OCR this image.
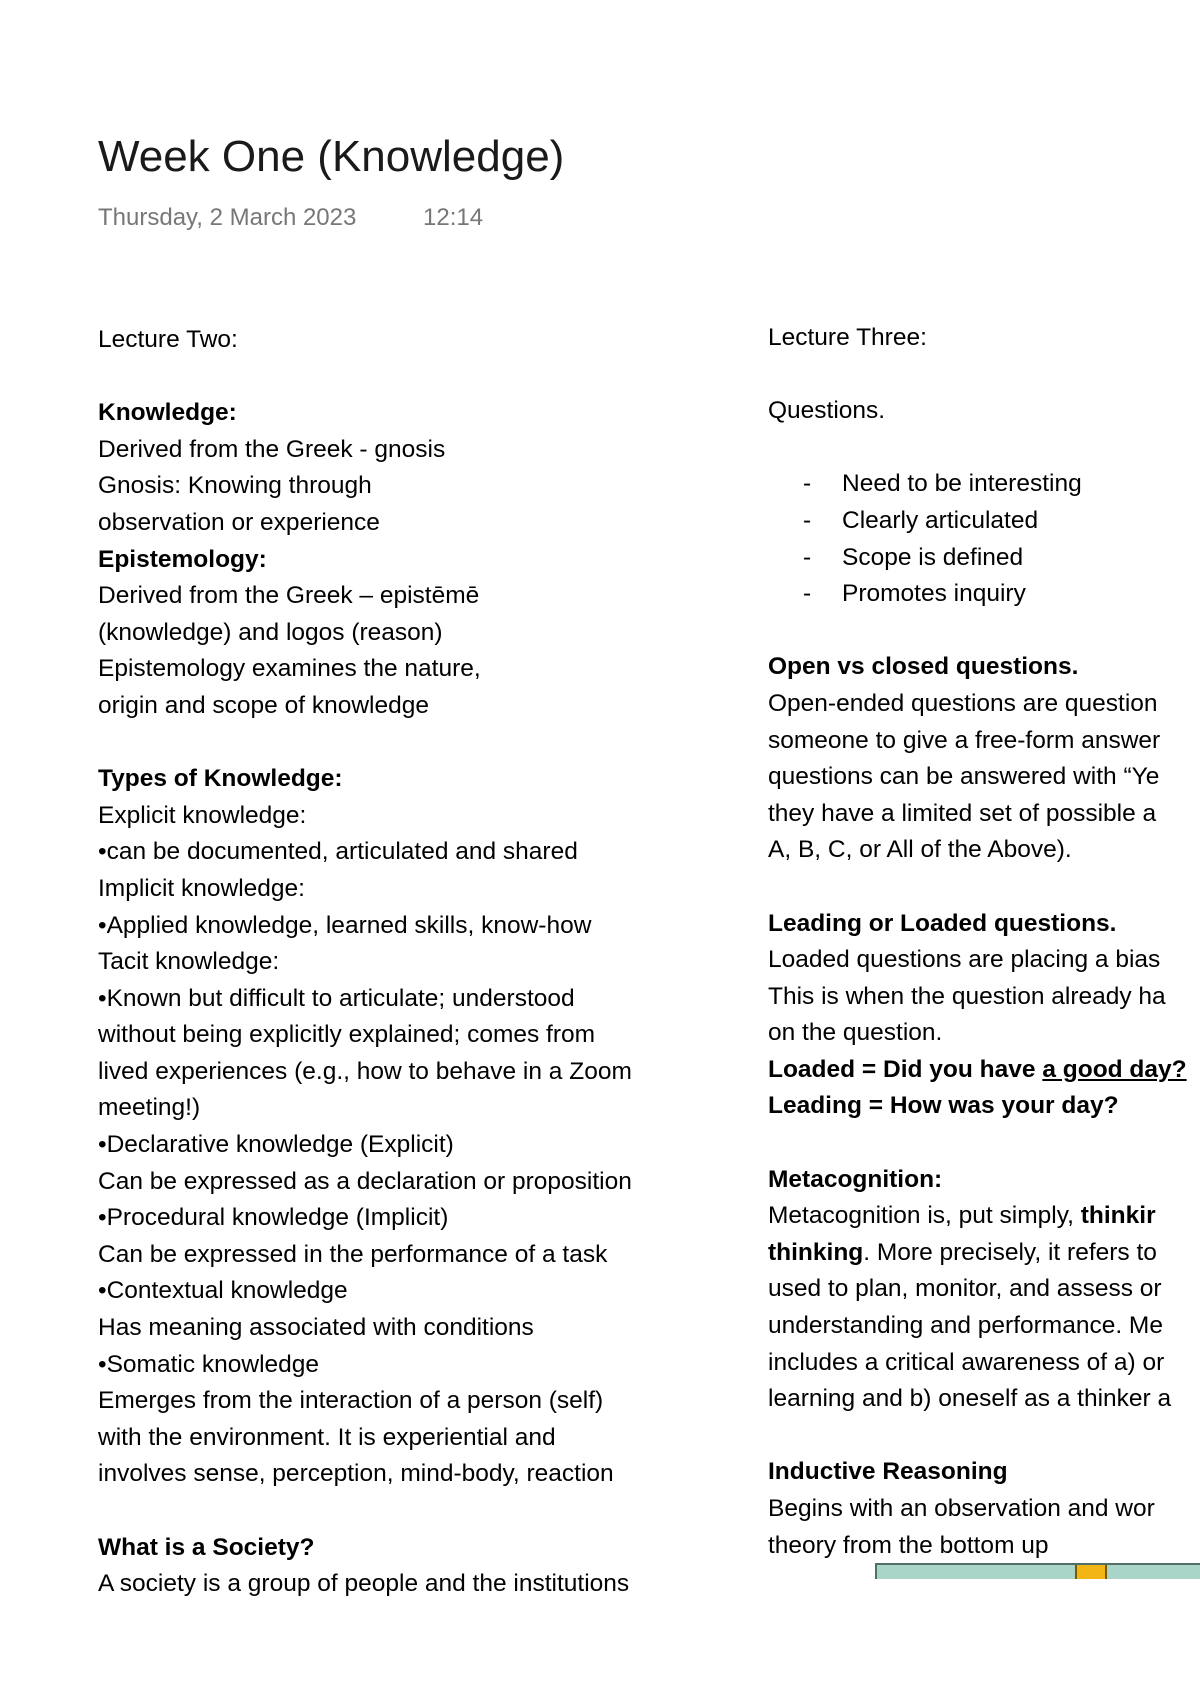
Week One (Knowledge)
Thursday, 2 March 2023	12:14
Lecture Two:
Knowledge:
Derived from the Greek - gnosis
Gnosis: Knowing through
observation or experience
Epistemology:
Derived from the Greek – epistēmē
(knowledge) and logos (reason)
Epistemology examines the nature,
origin and scope of knowledge
Types of Knowledge:
Explicit knowledge:
•can be documented, articulated and shared
Implicit knowledge:
•Applied knowledge, learned skills, know-how
Tacit knowledge:
•Known but difficult to articulate; understood
without being explicitly explained; comes from
lived experiences (e.g., how to behave in a Zoom
meeting!)
•Declarative knowledge (Explicit)
Can be expressed as a declaration or proposition
•Procedural knowledge (Implicit)
Can be expressed in the performance of a task
•Contextual knowledge
Has meaning associated with conditions
•Somatic knowledge
Emerges from the interaction of a person (self)
with the environment. It is experiential and
involves sense, perception, mind-body, reaction
What is a Society?
A society is a group of people and the institutions
Lecture Three:
Questions.
- Need to be interesting
- Clearly articulated
- Scope is defined
- Promotes inquiry
Open vs closed questions.
Open-ended questions are question
someone to give a free-form answer
questions can be answered with “Ye
they have a limited set of possible a
A, B, C, or All of the Above).
Leading or Loaded questions.
Loaded questions are placing a bias
This is when the question already ha
on the question.
Loaded = Did you have a good day?
Leading = How was your day?
Metacognition:
Metacognition is, put simply, thinkir
thinking. More precisely, it refers to
used to plan, monitor, and assess or
understanding and performance. Me
includes a critical awareness of a) or
learning and b) oneself as a thinker a
Inductive Reasoning
Begins with an observation and wor
theory from the bottom up
